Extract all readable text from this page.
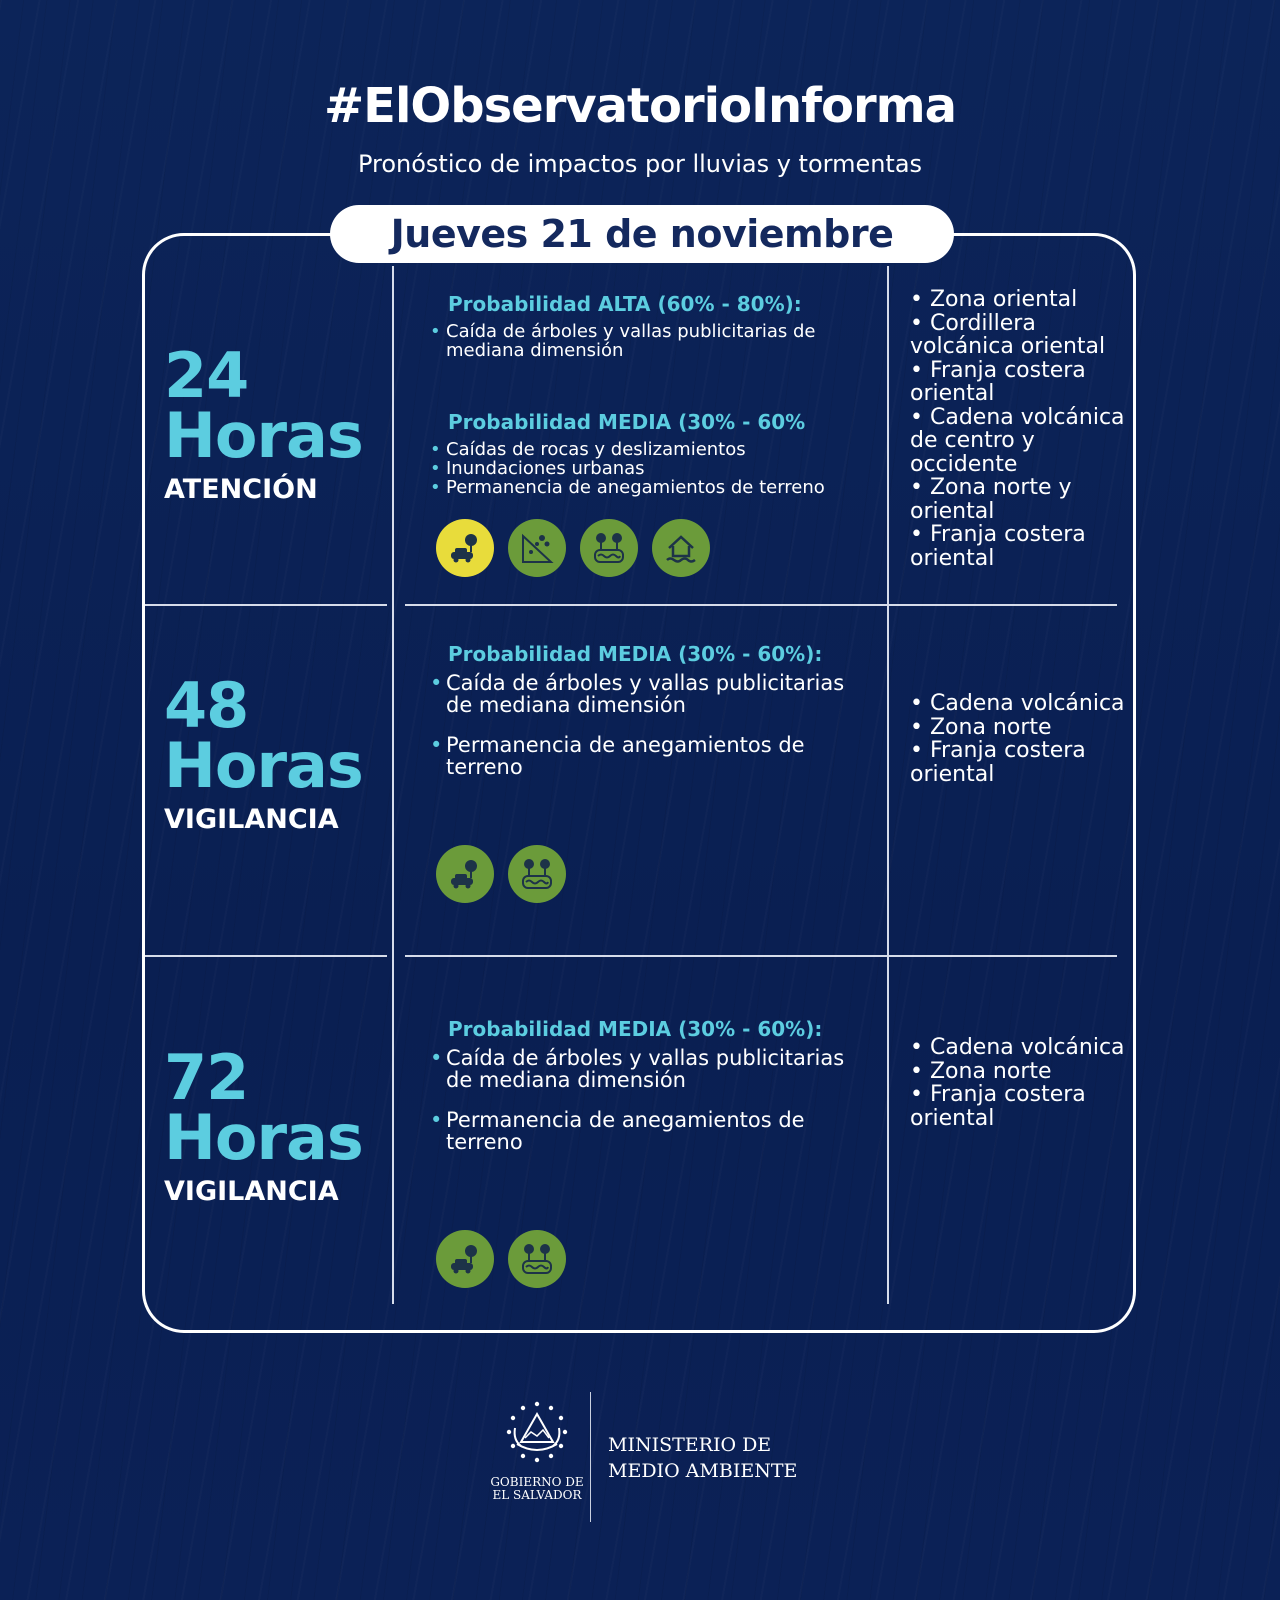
#ElObservatorioInforma

Pronóstico de impactos por lluvias y tormentas

Jueves 21 de noviembre
24
Horas
ATENCIÓN
Probabilidad ALTA (60% - 80%):
• Caída de árboles y vallas publicitarias de mediana dimensión
Probabilidad MEDIA (30% - 60%
• Caídas de rocas y deslizamientos
• Inundaciones urbanas
• Permanencia de anegamientos de terreno
• Zona oriental
• Cordillera volcánica oriental
• Franja costera oriental
• Cadena volcánica de centro y occidente
• Zona norte y oriental
• Franja costera oriental
48
Horas
VIGILANCIA
Probabilidad MEDIA (30% - 60%):
• Caída de árboles y vallas publicitarias de mediana dimensión
• Permanencia de anegamientos de terreno
• Cadena volcánica
• Zona norte
• Franja costera oriental
72
Horas
VIGILANCIA
Probabilidad MEDIA (30% - 60%):
• Caída de árboles y vallas publicitarias de mediana dimensión
• Permanencia de anegamientos de terreno
• Cadena volcánica
• Zona norte
• Franja costera oriental
GOBIERNO DE
EL SALVADOR
MINISTERIO DE
MEDIO AMBIENTE
